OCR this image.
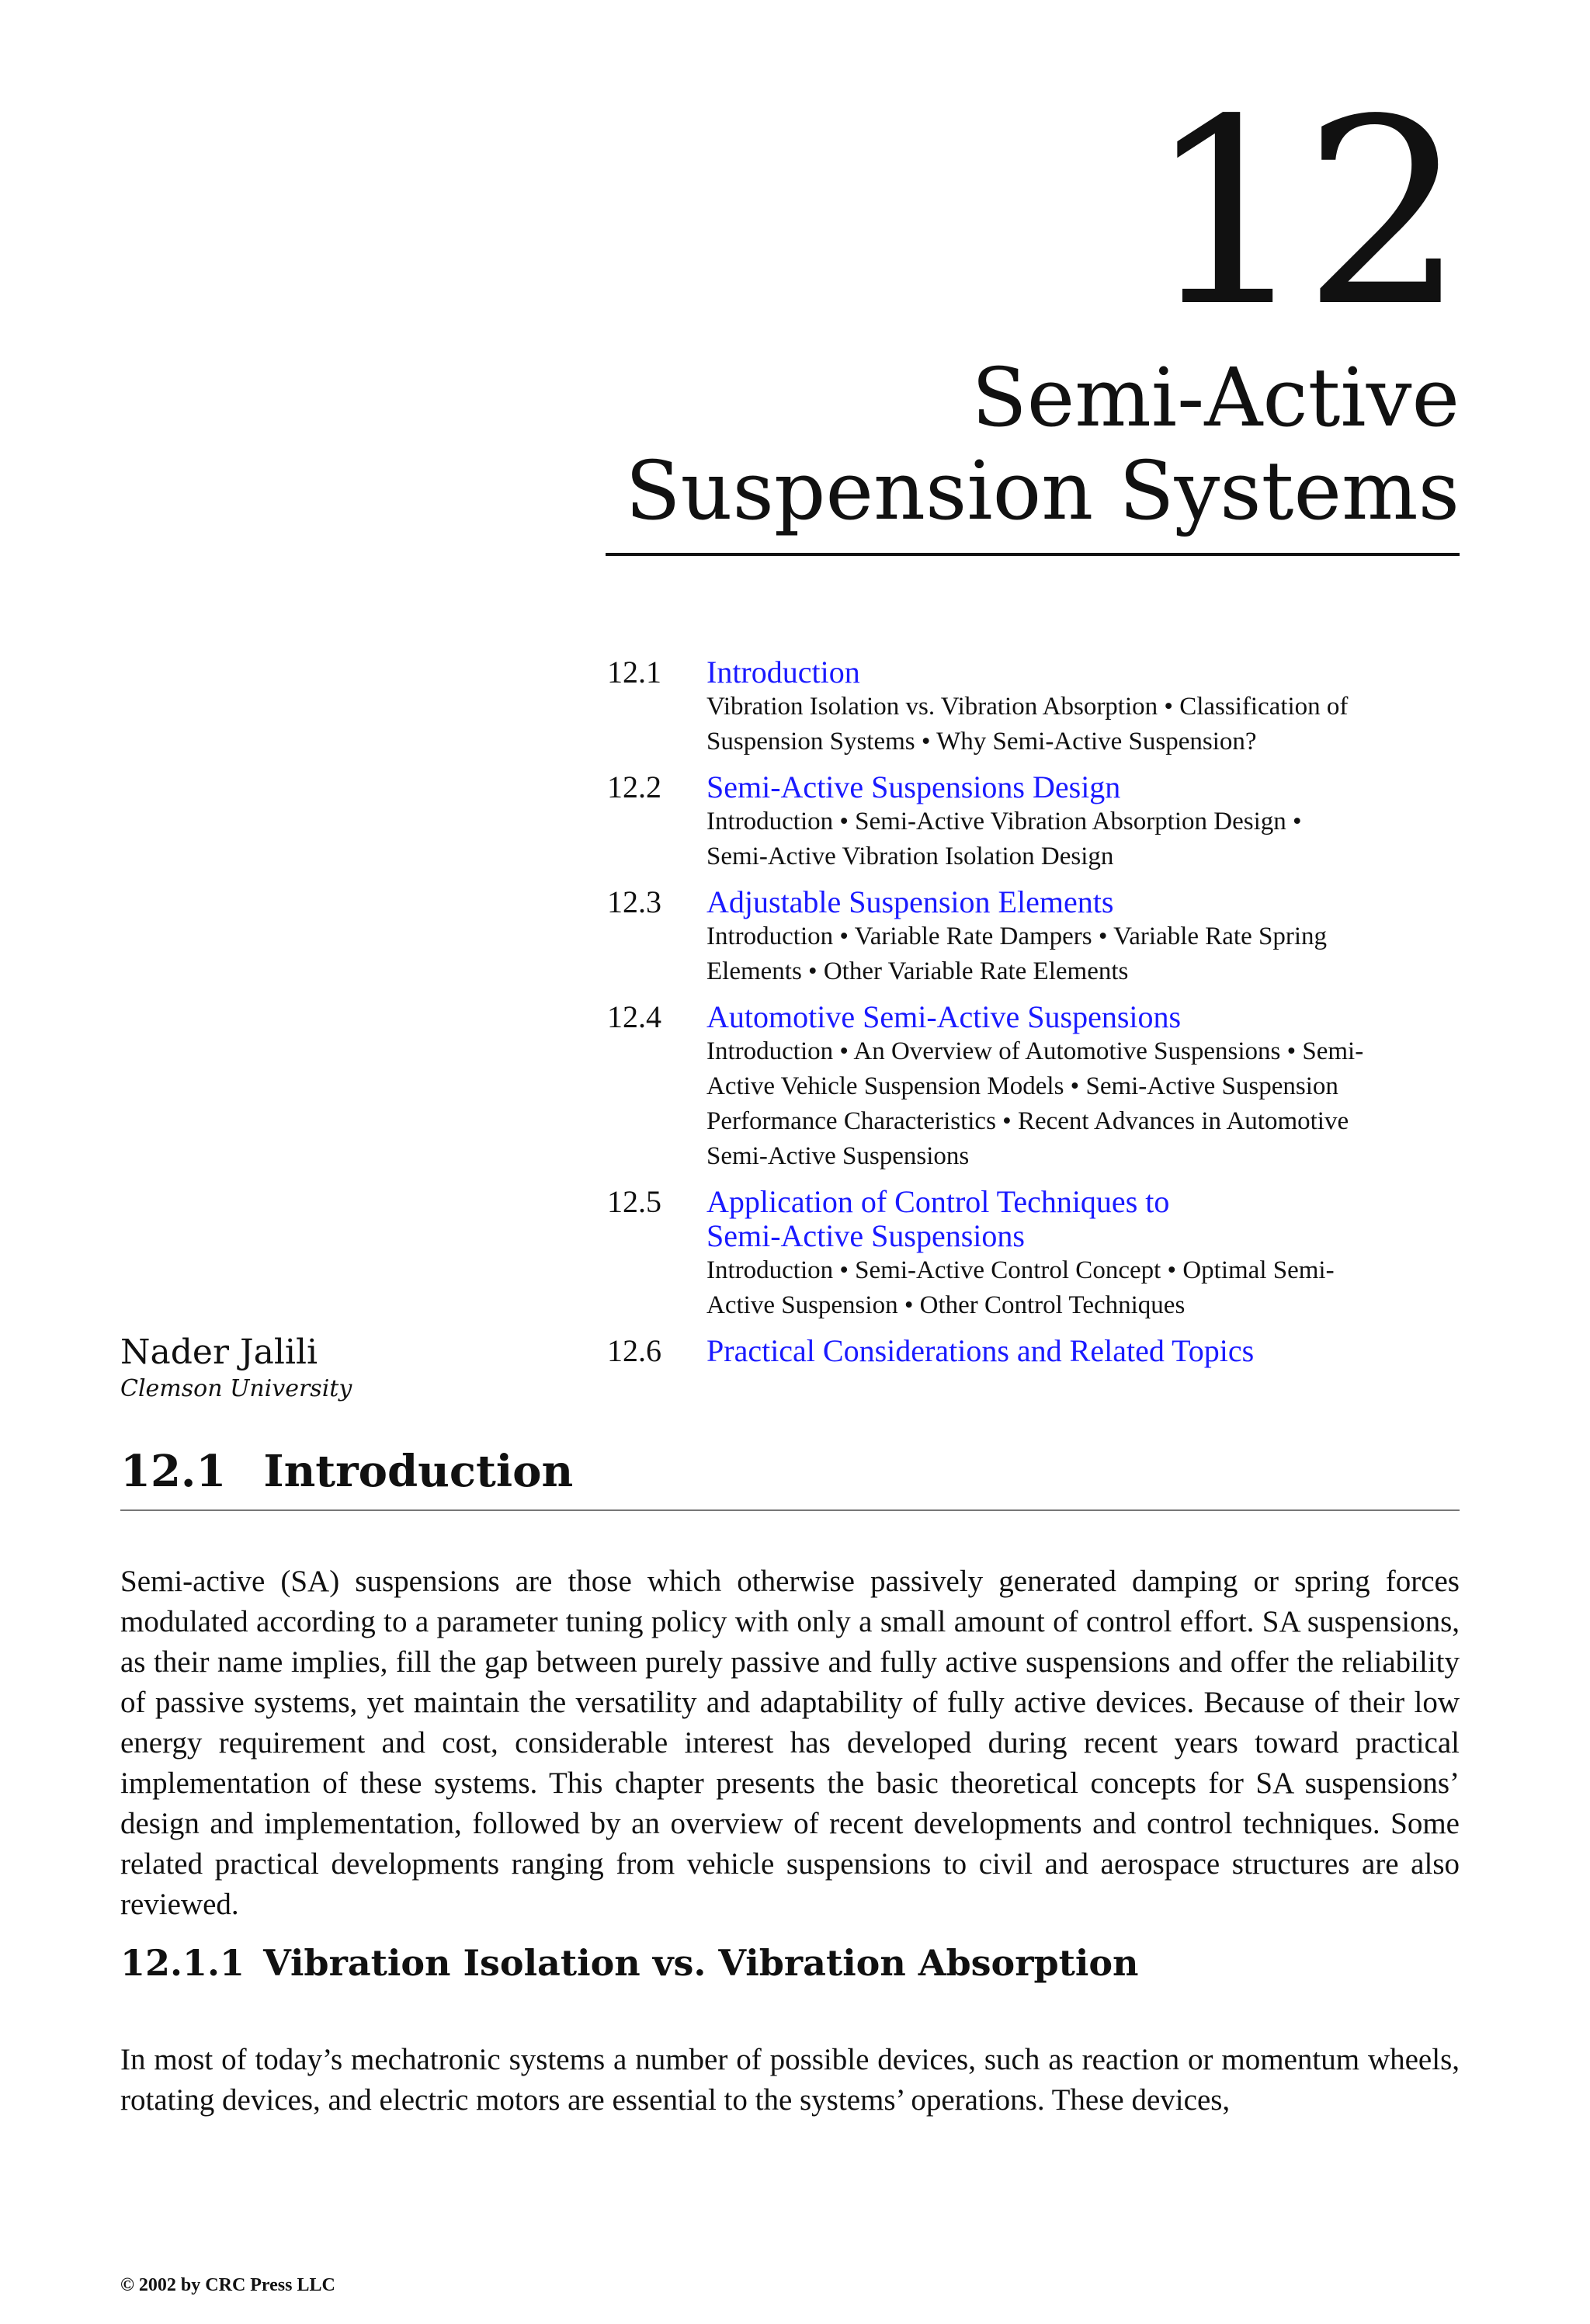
12
Semi-Active
Suspension Systems
12.1	Introduction
Vibration Isolation vs. Vibration Absorption • Classification of Suspension Systems • Why Semi-Active Suspension?
12.2	Semi-Active Suspensions Design
Introduction • Semi-Active Vibration Absorption Design • Semi-Active Vibration Isolation Design
12.3	Adjustable Suspension Elements
Introduction • Variable Rate Dampers • Variable Rate Spring Elements • Other Variable Rate Elements
12.4	Automotive Semi-Active Suspensions
Introduction • An Overview of Automotive Suspensions • Semi-Active Vehicle Suspension Models • Semi-Active Suspension Performance Characteristics • Recent Advances in Automotive Semi-Active Suspensions
12.5	Application of Control Techniques to Semi-Active Suspensions
Introduction • Semi-Active Control Concept • Optimal Semi-Active Suspension • Other Control Techniques
12.6	Practical Considerations and Related Topics
Nader Jalili
Clemson University
12.1 Introduction

Semi-active (SA) suspensions are those which otherwise passively generated damping or spring forces modulated according to a parameter tuning policy with only a small amount of control effort. SA suspensions, as their name implies, fill the gap between purely passive and fully active suspensions and offer the reliability of passive systems, yet maintain the versatility and adaptability of fully active devices. Because of their low energy requirement and cost, considerable interest has developed during recent years toward practical implementation of these systems. This chapter presents the basic theoretical concepts for SA suspensions’ design and implementation, followed by an overview of recent developments and control techniques. Some related practical developments ranging from vehicle suspensions to civil and aerospace structures are also reviewed.

12.1.1 Vibration Isolation vs. Vibration Absorption

In most of today’s mechatronic systems a number of possible devices, such as reaction or momentum wheels, rotating devices, and electric motors are essential to the systems’ operations. These devices,

© 2002 by CRC Press LLC
